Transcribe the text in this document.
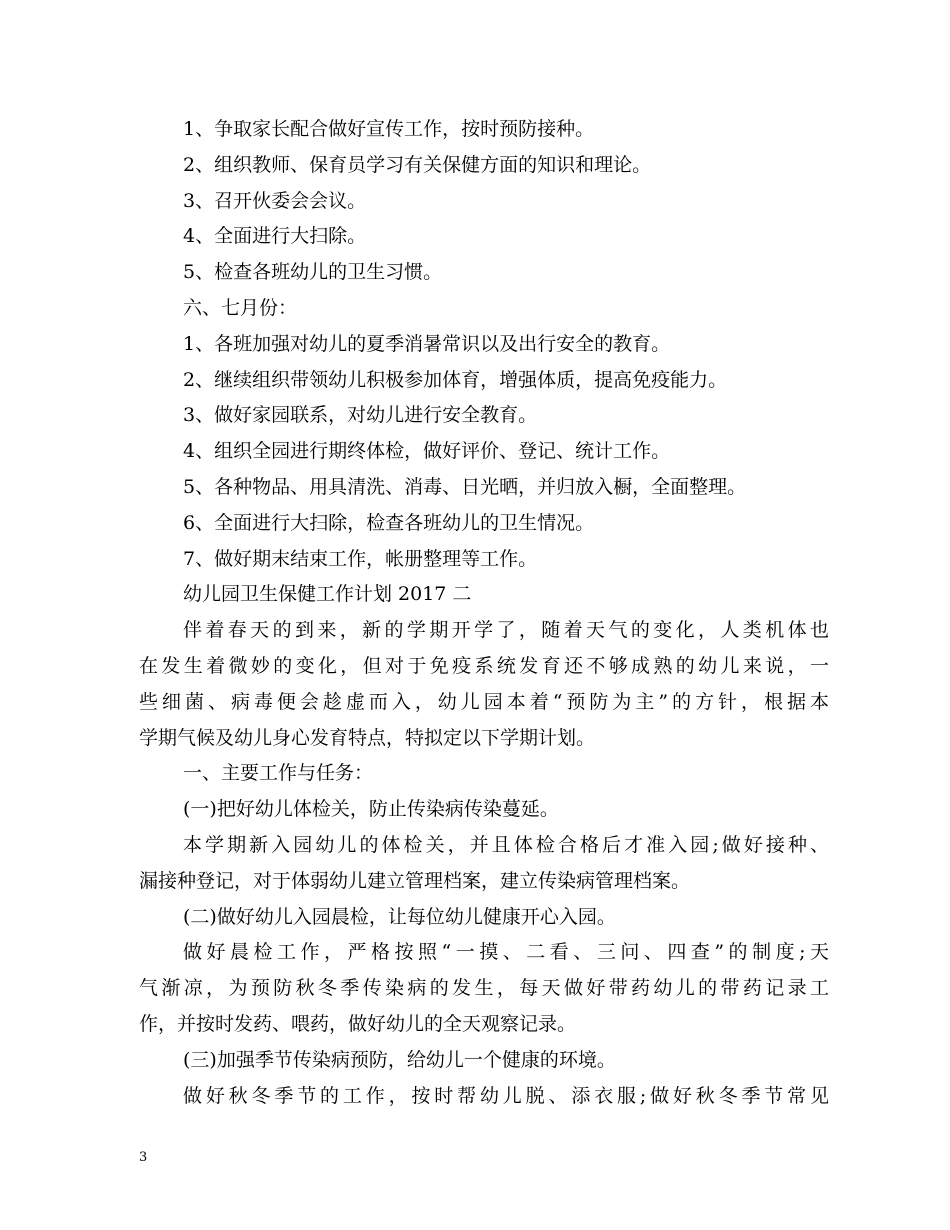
1、争取家长配合做好宣传工作，按时预防接种。
2、组织教师、保育员学习有关保健方面的知识和理论。
3、召开伙委会会议。
4、全面进行大扫除。
5、检查各班幼儿的卫生习惯。
六、七月份：
1、各班加强对幼儿的夏季消暑常识以及出行安全的教育。
2、继续组织带领幼儿积极参加体育，增强体质，提高免疫能力。
3、做好家园联系，对幼儿进行安全教育。
4、组织全园进行期终体检，做好评价、登记、统计工作。
5、各种物品、用具清洗、消毒、日光晒，并归放入橱，全面整理。
6、全面进行大扫除，检查各班幼儿的卫生情况。
7、做好期末结束工作，帐册整理等工作。
幼儿园卫生保健工作计划 2017 二
伴着春天的到来，新的学期开学了，随着天气的变化，人类机体也
在发生着微妙的变化，但对于免疫系统发育还不够成熟的幼儿来说，一
些细菌、病毒便会趁虚而入，幼儿园本着“预防为主”的方针，根据本
学期气候及幼儿身心发育特点，特拟定以下学期计划。
一、主要工作与任务：
(一)把好幼儿体检关，防止传染病传染蔓延。
本学期新入园幼儿的体检关，并且体检合格后才准入园;做好接种、
漏接种登记，对于体弱幼儿建立管理档案，建立传染病管理档案。
(二)做好幼儿入园晨检，让每位幼儿健康开心入园。
做好晨检工作，严格按照“一摸、二看、三问、四查”的制度;天
气渐凉，为预防秋冬季传染病的发生，每天做好带药幼儿的带药记录工
作，并按时发药、喂药，做好幼儿的全天观察记录。
(三)加强季节传染病预防，给幼儿一个健康的环境。
做好秋冬季节的工作，按时帮幼儿脱、添衣服;做好秋冬季节常见
3
